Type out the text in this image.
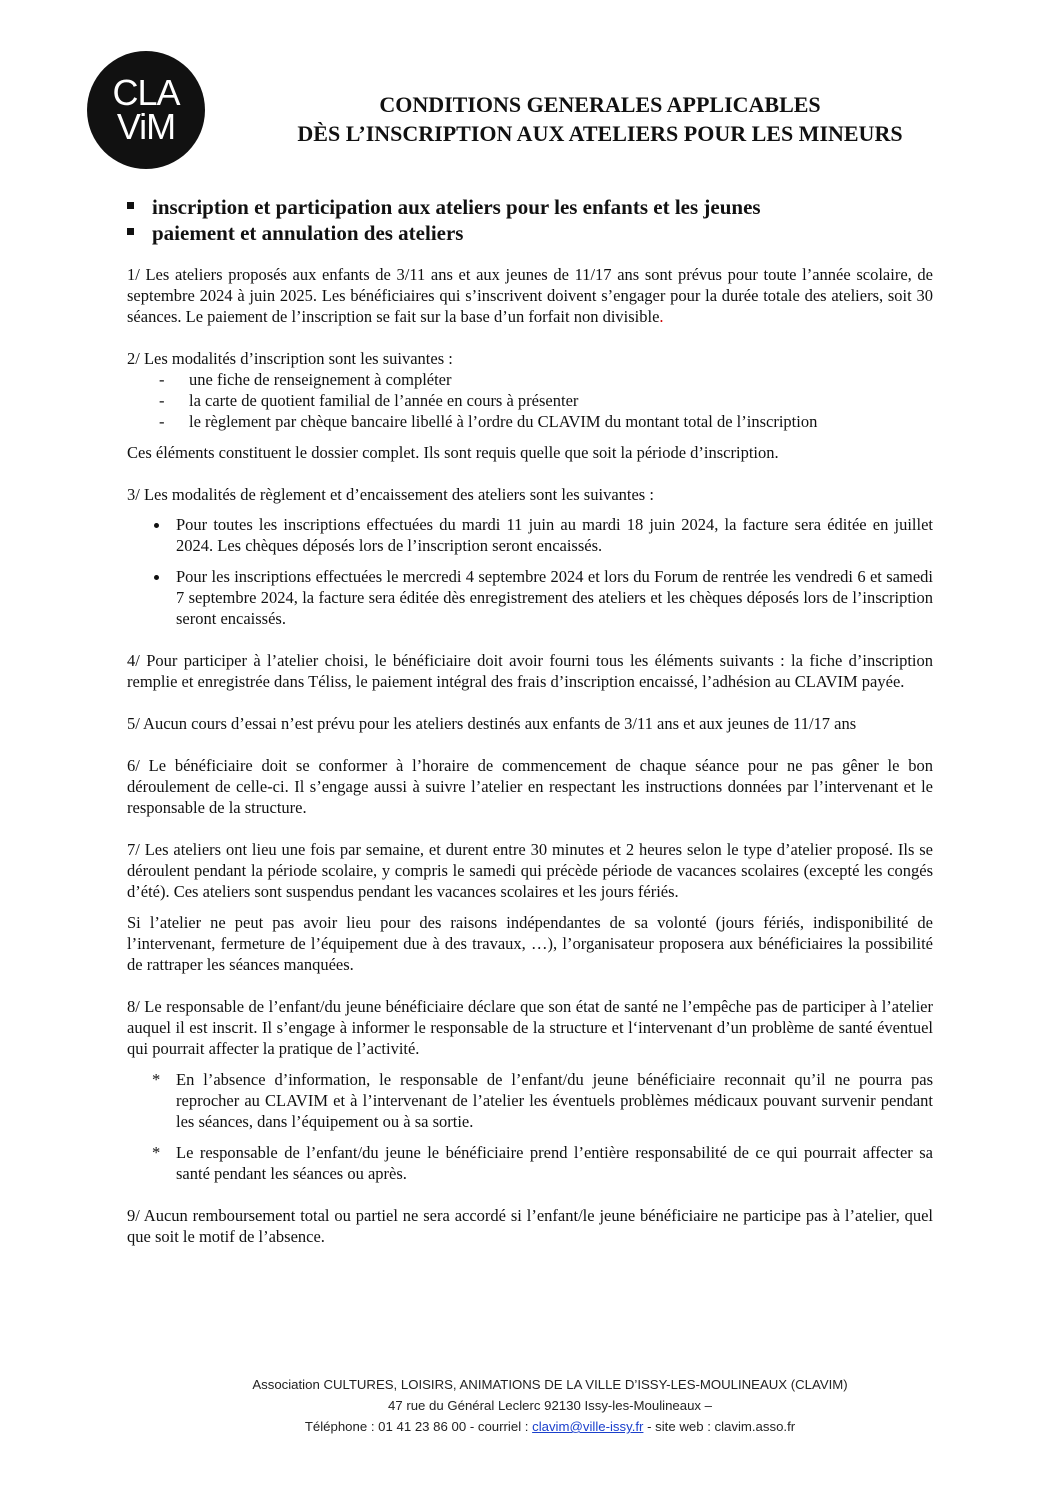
CLA
ViM
CONDITIONS GENERALES APPLICABLES
DÈS L’INSCRIPTION AUX ATELIERS POUR LES MINEURS
inscription et participation aux ateliers pour les enfants et les jeunes
paiement et annulation des ateliers

1/ Les ateliers proposés aux enfants de 3/11 ans et aux jeunes de 11/17 ans sont prévus pour toute l’année scolaire, de septembre 2024 à juin 2025. Les bénéficiaires qui s’inscrivent doivent s’engager pour la durée totale des ateliers, soit 30 séances. Le paiement de l’inscription se fait sur la base d’un forfait non divisible.

2/ Les modalités d’inscription sont les suivantes :

- une fiche de renseignement à compléter
- la carte de quotient familial de l’année en cours à présenter
- le règlement par chèque bancaire libellé à l’ordre du CLAVIM du montant total de l’inscription

Ces éléments constituent le dossier complet. Ils sont requis quelle que soit la période d’inscription.

3/ Les modalités de règlement et d’encaissement des ateliers sont les suivantes :

Pour toutes les inscriptions effectuées du mardi 11 juin au mardi 18 juin 2024, la facture sera éditée en juillet 2024. Les chèques déposés lors de l’inscription seront encaissés.
Pour les inscriptions effectuées le mercredi 4 septembre 2024 et lors du Forum de rentrée les vendredi 6 et samedi 7 septembre 2024, la facture sera éditée dès enregistrement des ateliers et les chèques déposés lors de l’inscription seront encaissés.

4/ Pour participer à l’atelier choisi, le bénéficiaire doit avoir fourni tous les éléments suivants : la fiche d’inscription remplie et enregistrée dans Téliss, le paiement intégral des frais d’inscription encaissé, l’adhésion au CLAVIM payée.

5/ Aucun cours d’essai n’est prévu pour les ateliers destinés aux enfants de 3/11 ans et aux jeunes de 11/17 ans

6/ Le bénéficiaire doit se conformer à l’horaire de commencement de chaque séance pour ne pas gêner le bon déroulement de celle-ci. Il s’engage aussi à suivre l’atelier en respectant les instructions données par l’intervenant et le responsable de la structure.

7/ Les ateliers ont lieu une fois par semaine, et durent entre 30 minutes et 2 heures selon le type d’atelier proposé. Ils se déroulent pendant la période scolaire, y compris le samedi qui précède période de vacances scolaires (excepté les congés d’été). Ces ateliers sont suspendus pendant les vacances scolaires et les jours fériés.

Si l’atelier ne peut pas avoir lieu pour des raisons indépendantes de sa volonté (jours fériés, indisponibilité de l’intervenant, fermeture de l’équipement due à des travaux, …), l’organisateur proposera aux bénéficiaires la possibilité de rattraper les séances manquées.

8/ Le responsable de l’enfant/du jeune bénéficiaire déclare que son état de santé ne l’empêche pas de participer à l’atelier auquel il est inscrit. Il s’engage à informer le responsable de la structure et l‘intervenant d’un problème de santé éventuel qui pourrait affecter la pratique de l’activité.

* En l’absence d’information, le responsable de l’enfant/du jeune bénéficiaire reconnait qu’il ne pourra pas reprocher au CLAVIM et à l’intervenant de l’atelier les éventuels problèmes médicaux pouvant survenir pendant les séances, dans l’équipement ou à sa sortie.
* Le responsable de l’enfant/du jeune le bénéficiaire prend l’entière responsabilité de ce qui pourrait affecter sa santé pendant les séances ou après.

9/ Aucun remboursement total ou partiel ne sera accordé si l’enfant/le jeune bénéficiaire ne participe pas à l’atelier, quel que soit le motif de l’absence.

Association CULTURES, LOISIRS, ANIMATIONS DE LA VILLE D’ISSY-LES-MOULINEAUX (CLAVIM)
47 rue du Général Leclerc 92130 Issy-les-Moulineaux –
Téléphone : 01 41 23 86 00 - courriel : clavim@ville-issy.fr - site web : clavim.asso.fr
